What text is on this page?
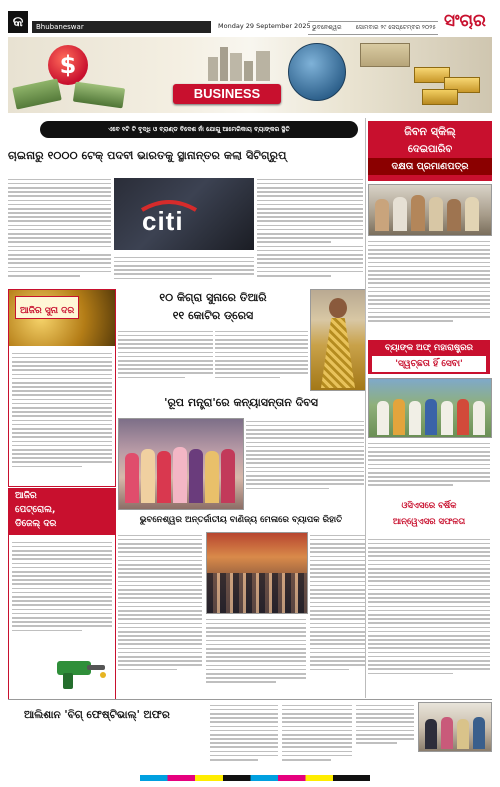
କ	Bhubaneswar	Monday 29 September 2025 ଭୁବନେଶ୍ୱର ସୋମବାର ୨୯ ସେପ୍ଟେମ୍ବର ୨୦୨୫ ସଂଚାର
$
BUSINESS
ଏବେ ୧ଟି ଟି ବୃଦ୍ଧି ଓ ବ୍ରାଣ୍ଡ ବିଦେଶ ନାଁ ଯୋଗୁ ଆମେରିକାୟ ବ୍ୟାଙ୍କର ସ୍ଥିତି
ଚାଇନାରୁ ୧୦୦୦ ଟେକ୍ ପଦବୀ ଭାରତକୁ ସ୍ଥାନାନ୍ତର କଲା ସିଟିଗ୍ରୁପ୍
citi
ଜିବନ ସ୍କିଲ୍
ଦେଇପାରିବ
ଦକ୍ଷତା ପ୍ରମାଣପତ୍ର
ଆଜିର ସୁନା ଦର
୧୦ କିଗ୍ରା ସୁନାରେ ତିଆରି
୧୧ କୋଟିର ଡ୍ରେସ
'ରୂପ ମନ୍ତ୍ରା'ରେ କନ୍ୟାସନ୍ତାନ ଦିବସ
ବ୍ୟାଙ୍କ ଅଫ୍ ମହାରାଷ୍ଟ୍ରର
'ସ୍ୱଚ୍ଛତା ହିଁ ସେବା'
ଆଜିର
ପେଟ୍ରୋଲ,
ଡିଜେଲ୍ ଦର	ଭୁବନେଶ୍ୱର ଅନ୍ତର୍ଜାତୀୟ ବାଣିଜ୍ୟ ମେଳାରେ ବ୍ୟାପକ ରିହାତି
ଓସିଏସରେ ବର୍ଷିକ
ଆନ୍ୱେଏସର ସଫଳତା
ଆଲିଶାନ 'ବିଗ୍ ଫେଷ୍ଟିଭାଲ୍' ଅଫର
